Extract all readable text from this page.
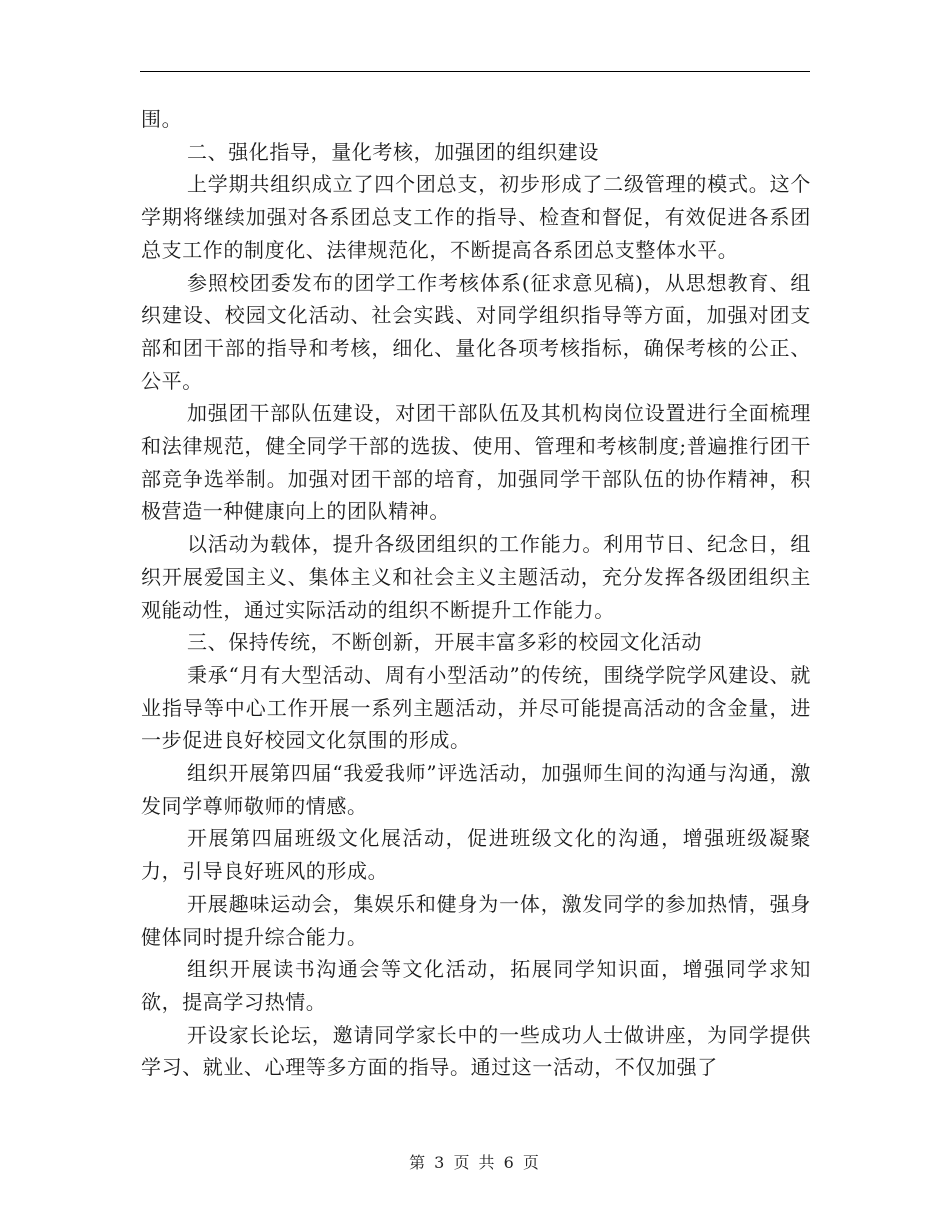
围。

二、强化指导，量化考核，加强团的组织建设

上学期共组织成立了四个团总支，初步形成了二级管理的模式。这个学期将继续加强对各系团总支工作的指导、检查和督促，有效促进各系团总支工作的制度化、法律规范化，不断提高各系团总支整体水平。

参照校团委发布的团学工作考核体系(征求意见稿)，从思想教育、组织建设、校园文化活动、社会实践、对同学组织指导等方面，加强对团支部和团干部的指导和考核，细化、量化各项考核指标，确保考核的公正、公平。

加强团干部队伍建设，对团干部队伍及其机构岗位设置进行全面梳理和法律规范，健全同学干部的选拔、使用、管理和考核制度;普遍推行团干部竞争选举制。加强对团干部的培育，加强同学干部队伍的协作精神，积极营造一种健康向上的团队精神。

以活动为载体，提升各级团组织的工作能力。利用节日、纪念日，组织开展爱国主义、集体主义和社会主义主题活动，充分发挥各级团组织主观能动性，通过实际活动的组织不断提升工作能力。

三、保持传统，不断创新，开展丰富多彩的校园文化活动

秉承“月有大型活动、周有小型活动”的传统，围绕学院学风建设、就业指导等中心工作开展一系列主题活动，并尽可能提高活动的含金量，进一步促进良好校园文化氛围的形成。

组织开展第四届“我爱我师”评选活动，加强师生间的沟通与沟通，激发同学尊师敬师的情感。

开展第四届班级文化展活动，促进班级文化的沟通，增强班级凝聚力，引导良好班风的形成。

开展趣味运动会，集娱乐和健身为一体，激发同学的参加热情，强身健体同时提升综合能力。

组织开展读书沟通会等文化活动，拓展同学知识面，增强同学求知欲，提高学习热情。

开设家长论坛，邀请同学家长中的一些成功人士做讲座，为同学提供学习、就业、心理等多方面的指导。通过这一活动，不仅加强了

第 3 页 共 6 页
